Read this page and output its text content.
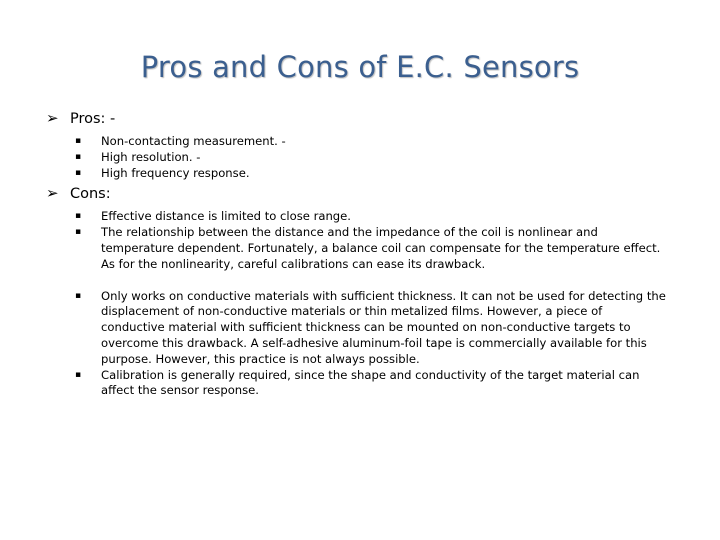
Pros and Cons of E.C. Sensors
➢ Pros: -
▪	Non-contacting measurement. -
▪	High resolution. -
▪	High frequency response.
➢ Cons:
▪	Effective distance is limited to close range.
▪	The relationship between the distance and the impedance of the coil is nonlinear and temperature dependent. Fortunately, a balance coil can compensate for the temperature effect. As for the nonlinearity, careful calibrations can ease its drawback.
▪	Only works on conductive materials with sufficient thickness. It can not be used for detecting the displacement of non-conductive materials or thin metalized films. However, a piece of conductive material with sufficient thickness can be mounted on non-conductive targets to overcome this drawback. A self-adhesive aluminum-foil tape is commercially available for this purpose. However, this practice is not always possible.
▪	Calibration is generally required, since the shape and conductivity of the target material can affect the sensor response.
